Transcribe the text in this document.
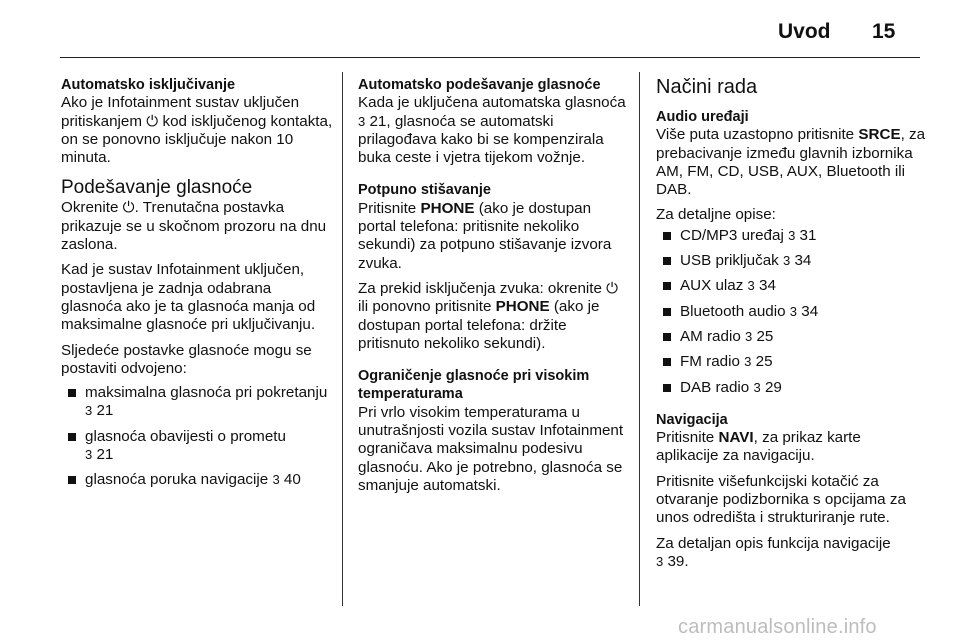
Uvod 15
Automatsko isključivanje

Ako je Infotainment sustav uključen pritiskanjem ⏻ kod isključenog kontakta, on se ponovno isključuje nakon 10 minuta.

Podešavanje glasnoće

Okrenite ⏻. Trenutačna postavka prikazuje se u skočnom prozoru na dnu zaslona.

Kad je sustav Infotainment uključen, postavljena je zadnja odabrana glasnoća ako je ta glasnoća manja od maksimalne glasnoće pri uključivanju.

Sljedeće postavke glasnoće mogu se postaviti odvojeno:

maksimalna glasnoća pri pokretanju 3 21
glasnoća obavijesti o prometu
3 21
glasnoća poruka navigacije 3 40
Automatsko podešavanje glasnoće

Kada je uključena automatska glasnoća 3 21, glasnoća se automatski prilagođava kako bi se kompenzirala buka ceste i vjetra tijekom vožnje.

Potpuno stišavanje

Pritisnite PHONE (ako je dostupan portal telefona: pritisnite nekoliko sekundi) za potpuno stišavanje izvora zvuka.

Za prekid isključenja zvuka: okrenite ⏻ ili ponovno pritisnite PHONE (ako je dostupan portal telefona: držite pritisnuto nekoliko sekundi).

Ograničenje glasnoće pri visokim
temperaturama

Pri vrlo visokim temperaturama u unutrašnjosti vozila sustav Infotainment ograničava maksimalnu podesivu glasnoću. Ako je potrebno, glasnoća se smanjuje automatski.

Načini rada
Audio uređaji

Više puta uzastopno pritisnite SRCE, za prebacivanje između glavnih izbornika AM, FM, CD, USB, AUX, Bluetooth ili DAB.

Za detaljne opise:

CD/MP3 uređaj 3 31
USB priključak 3 34
AUX ulaz 3 34
Bluetooth audio 3 34
AM radio 3 25
FM radio 3 25
DAB radio 3 29
Navigacija

Pritisnite NAVI, za prikaz karte aplikacije za navigaciju.

Pritisnite višefunkcijski kotačić za otvaranje podizbornika s opcijama za unos odredišta i strukturiranje rute.

Za detaljan opis funkcija navigacije
3 39.

carmanualsonline.info
